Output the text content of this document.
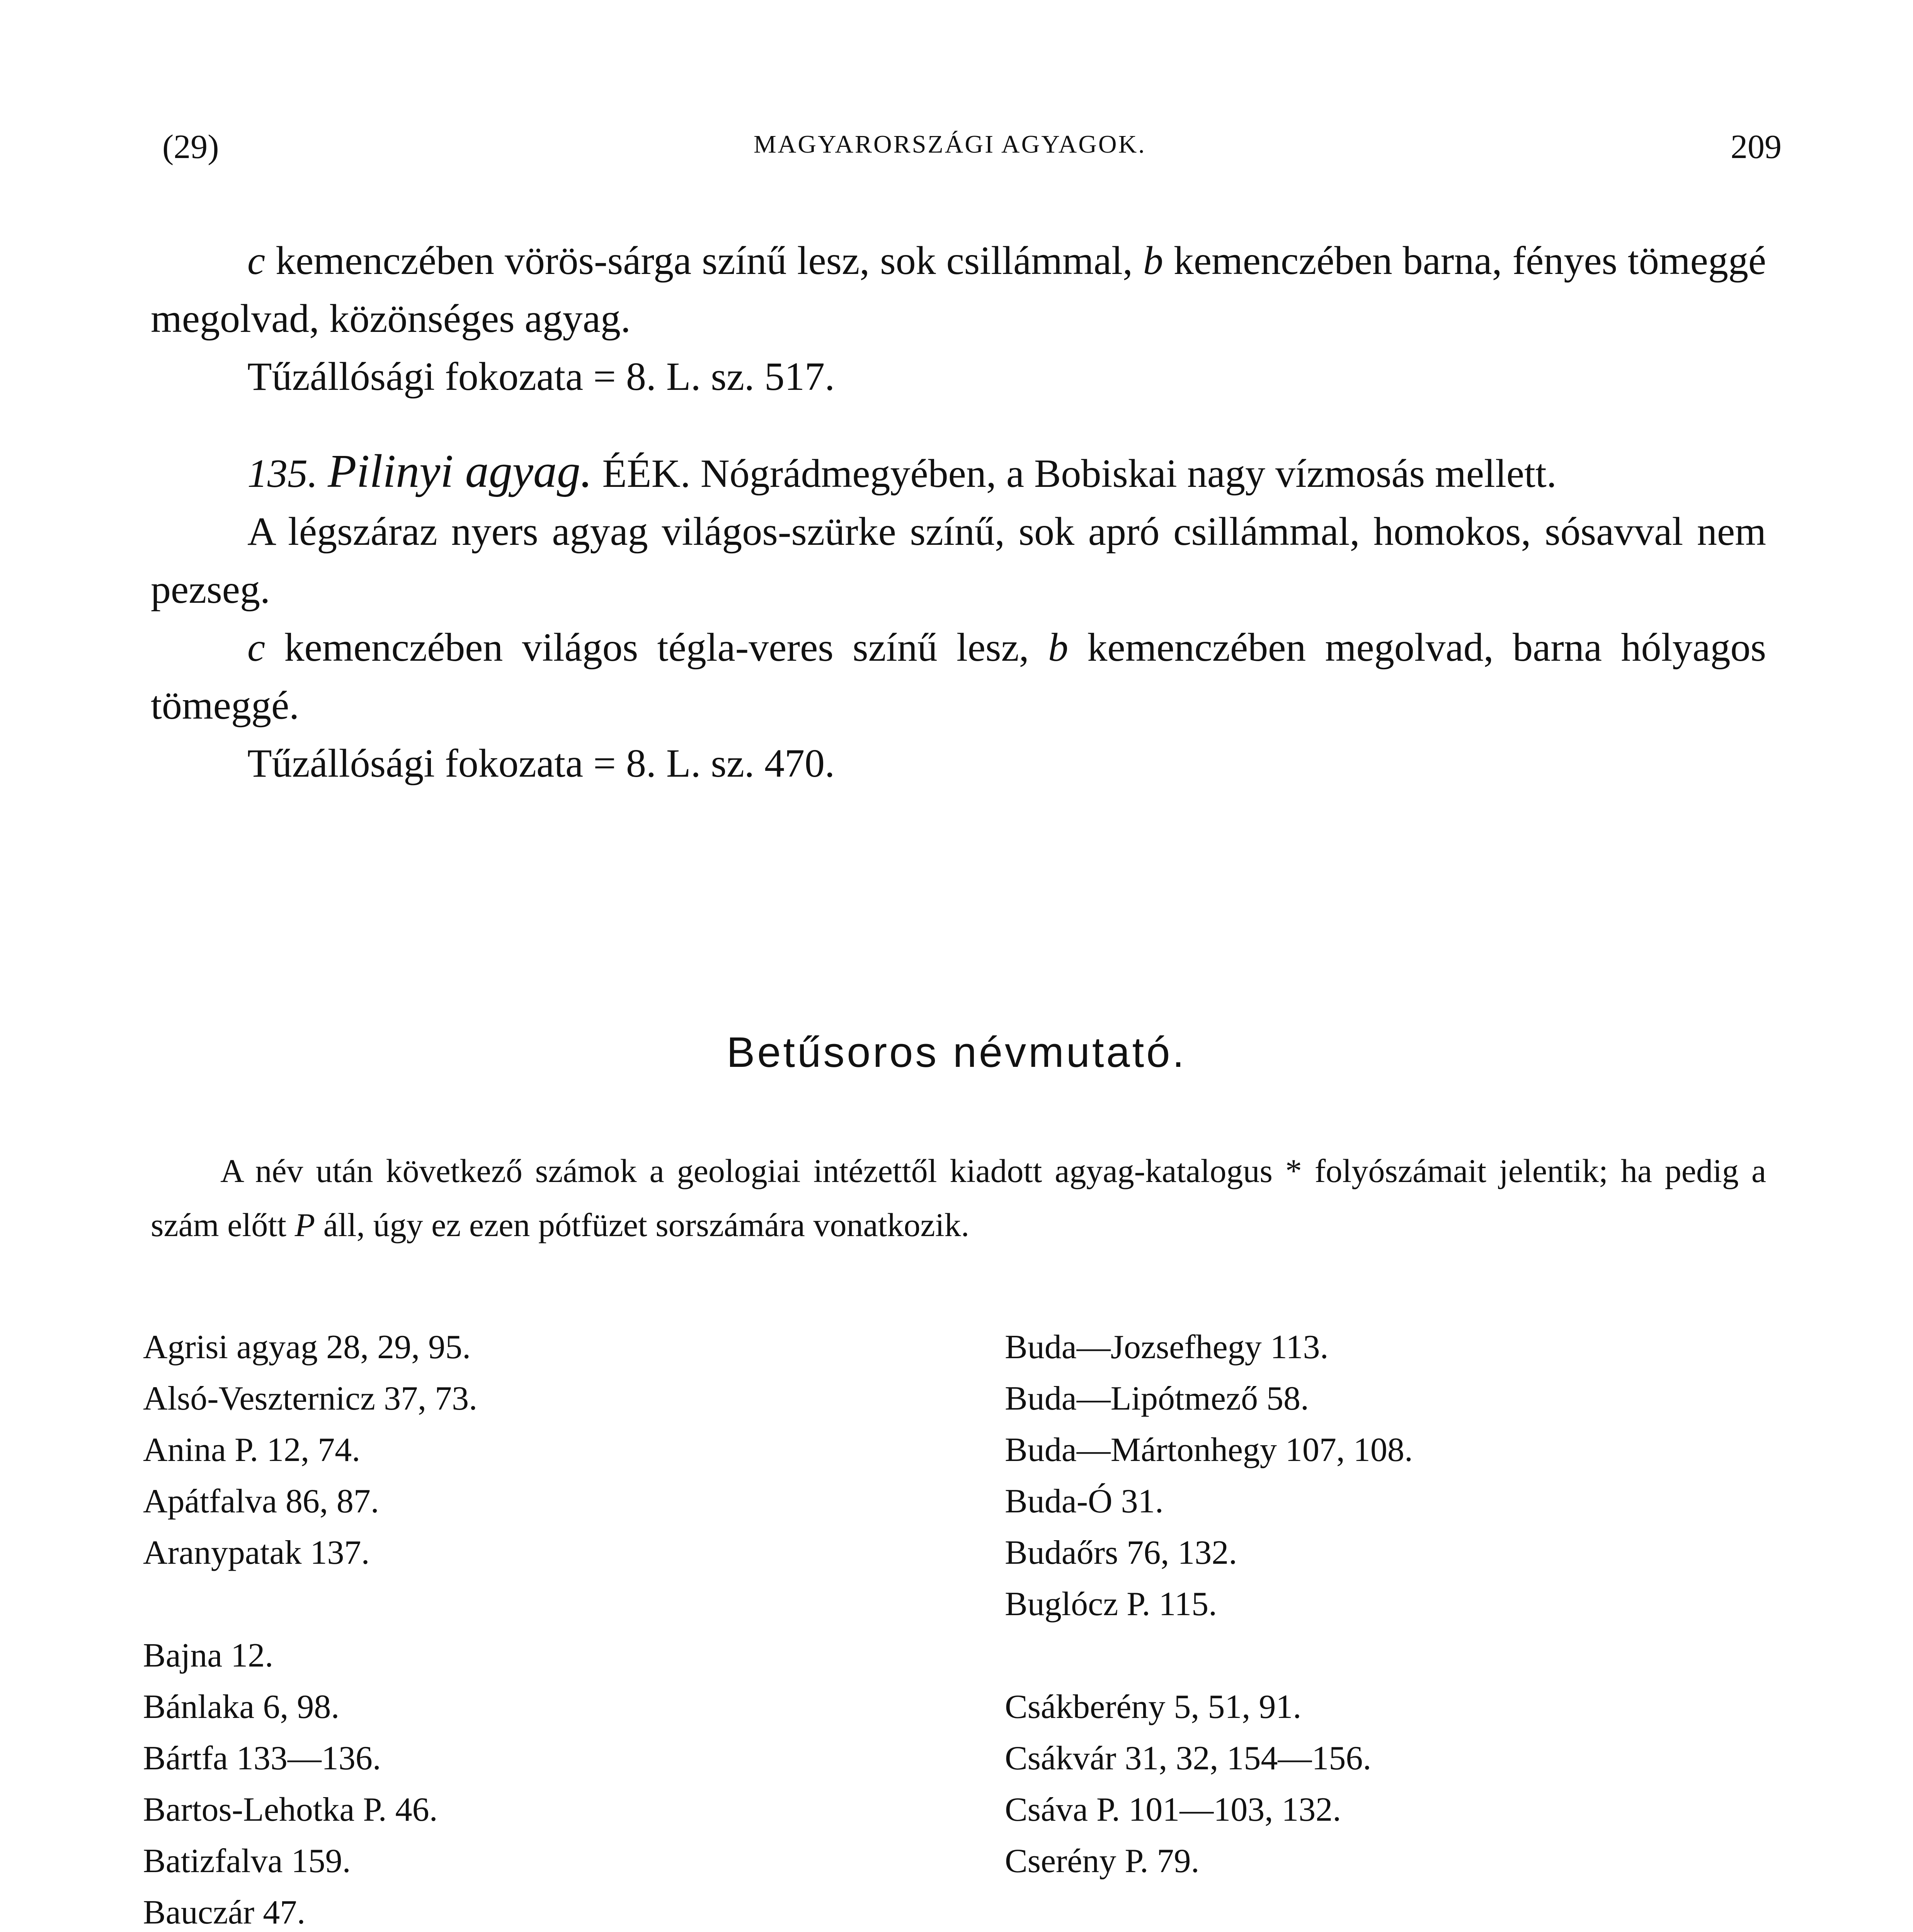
(29)	MAGYARORSZÁGI AGYAGOK.	209

c kemenczében vörös-sárga színű lesz, sok csillámmal, b kemenczében barna, fényes tömeggé megolvad, közönséges agyag.

Tűzállósági fokozata = 8. L. sz. 517.

135. Pilinyi agyag. ÉÉK. Nógrádmegyében, a Bobiskai nagy vízmosás mellett.

A légszáraz nyers agyag világos-szürke színű, sok apró csillámmal, homokos, sósavval nem pezseg.

c kemenczében világos tégla-veres színű lesz, b kemenczében megolvad, barna hólyagos tömeggé.

Tűzállósági fokozata = 8. L. sz. 470.

Betűsoros névmutató.

A név után következő számok a geologiai intézettől kiadott agyag-katalogus * folyószámait jelentik; ha pedig a szám előtt P áll, úgy ez ezen pótfüzet sorszámára vonatkozik.

Agrisi agyag 28, 29, 95.
Alsó-Veszternicz 37, 73.
Anina P. 12, 74.
Apátfalva 86, 87.
Aranypatak 137.
Bajna 12.
Bánlaka 6, 98.
Bártfa 133—136.
Bartos-Lehotka P. 46.
Batizfalva 159.
Bauczár 47.
Buda—Jozsefhegy 113.
Buda—Lipótmező 58.
Buda—Mártonhegy 107, 108.
Buda-Ó 31.
Budaőrs 76, 132.
Buglócz P. 115.
Csákberény 5, 51, 91.
Csákvár 31, 32, 154—156.
Csáva P. 101—103, 132.
Cserény P. 79.
